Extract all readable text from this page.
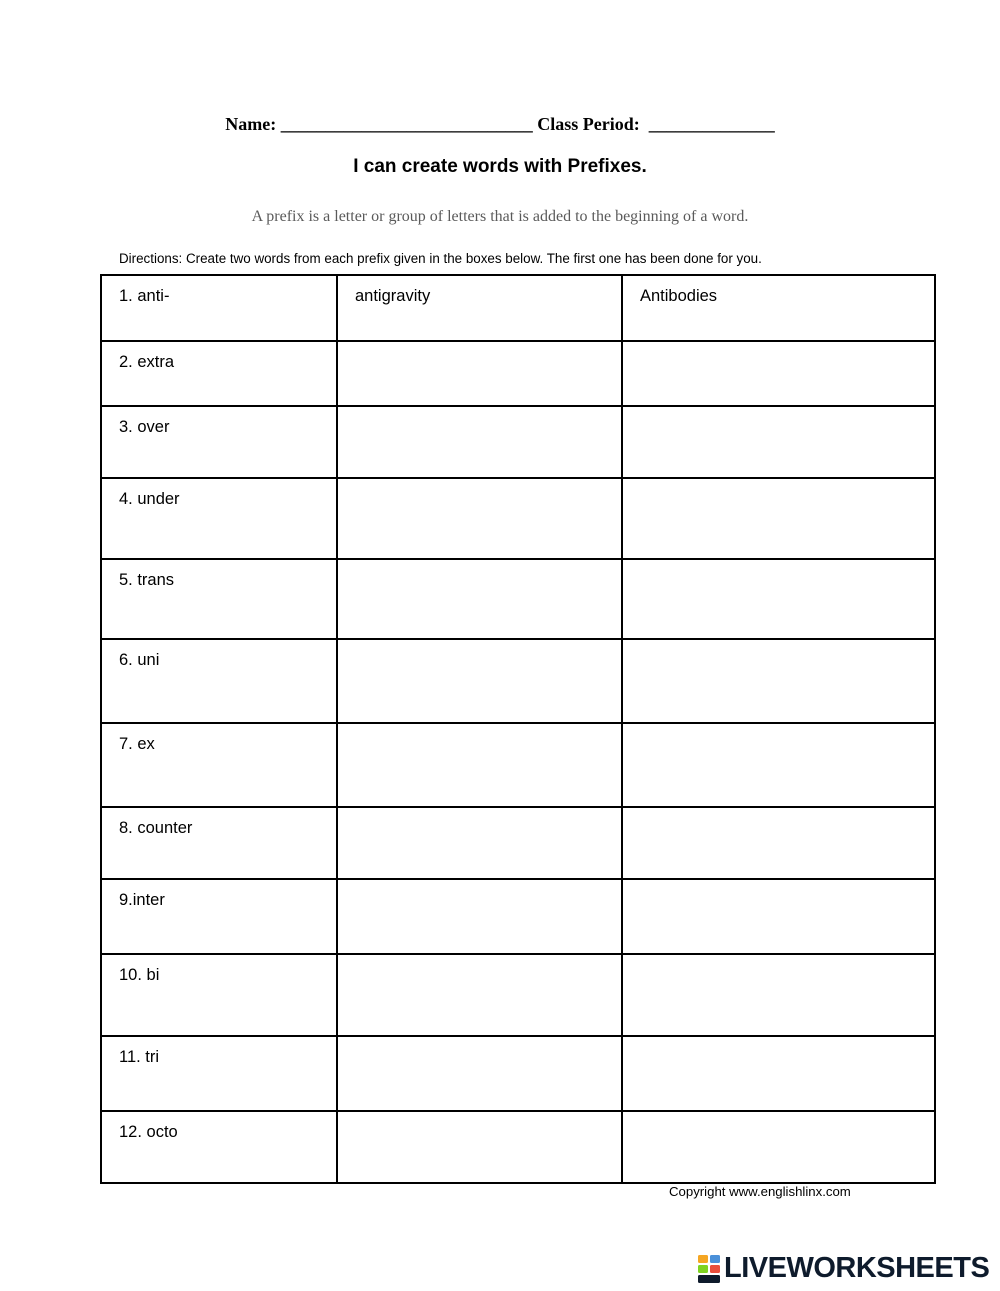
Name: ____________________________ Class Period:  ______________
I can create words with Prefixes.
A prefix is a letter or group of letters that is added to the beginning of a word.
Directions: Create two words from each prefix given in the boxes below. The first one has been done for you.
1. anti-	antigravity	Antibodies
2. extra		
3. over		
4. under		
5. trans		
6. uni		
7. ex		
8. counter		
9.inter		
10. bi		
11. tri		
12. octo		
Copyright www.englishlinx.com
LIVEWORKSHEETS
